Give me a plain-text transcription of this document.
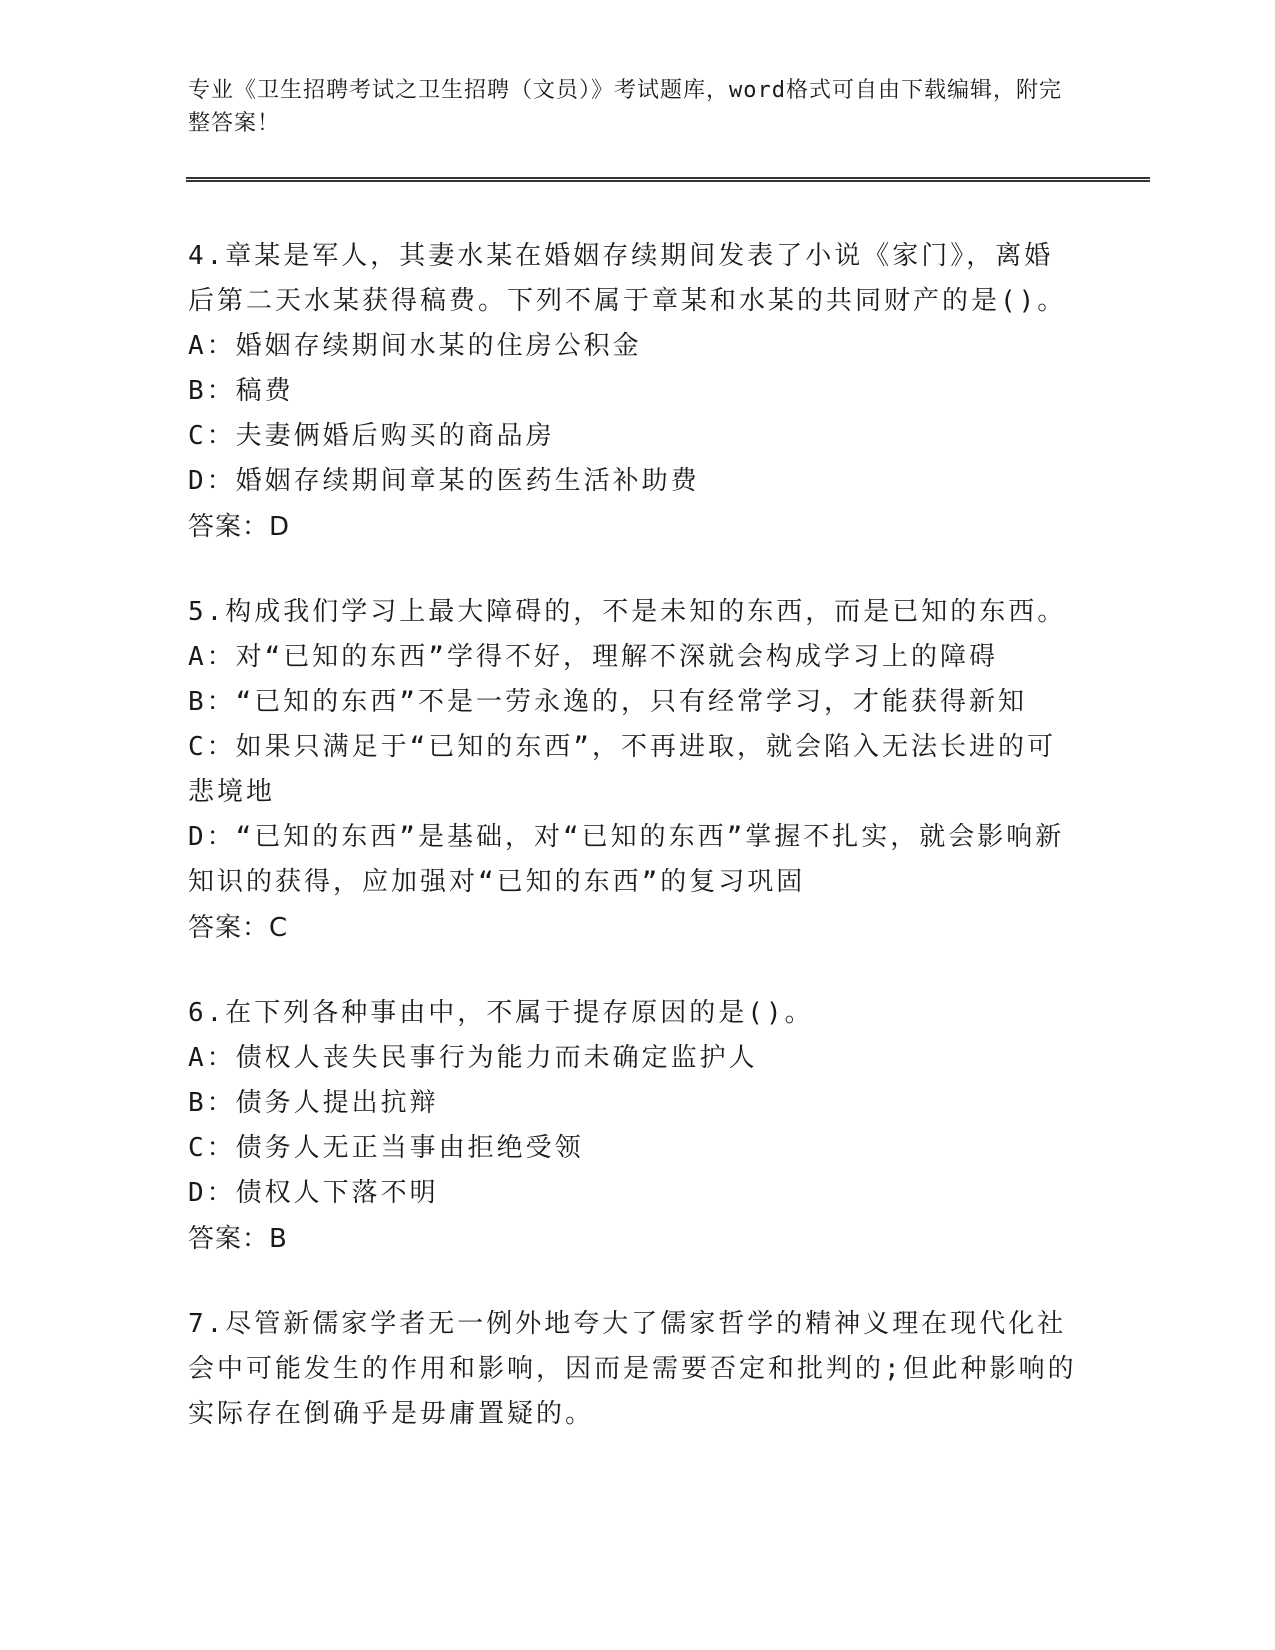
专业《卫生招聘考试之卫生招聘（文员）》考试题库，word格式可自由下载编辑，附完整答案！
4.章某是军人，其妻水某在婚姻存续期间发表了小说《家门》，离婚后第二天水某获得稿费。下列不属于章某和水某的共同财产的是()。
A：婚姻存续期间水某的住房公积金
B：稿费
C：夫妻俩婚后购买的商品房
D：婚姻存续期间章某的医药生活补助费
答案：D
5.构成我们学习上最大障碍的，不是未知的东西，而是已知的东西。
A：对“已知的东西”学得不好，理解不深就会构成学习上的障碍
B：“已知的东西”不是一劳永逸的，只有经常学习，才能获得新知
C：如果只满足于“已知的东西”，不再进取，就会陷入无法长进的可悲境地
D：“已知的东西”是基础，对“已知的东西”掌握不扎实，就会影响新知识的获得，应加强对“已知的东西”的复习巩固
答案：C
6.在下列各种事由中，不属于提存原因的是()。
A：债权人丧失民事行为能力而未确定监护人
B：债务人提出抗辩
C：债务人无正当事由拒绝受领
D：债权人下落不明
答案：B
7.尽管新儒家学者无一例外地夸大了儒家哲学的精神义理在现代化社会中可能发生的作用和影响，因而是需要否定和批判的;但此种影响的实际存在倒确乎是毋庸置疑的。
